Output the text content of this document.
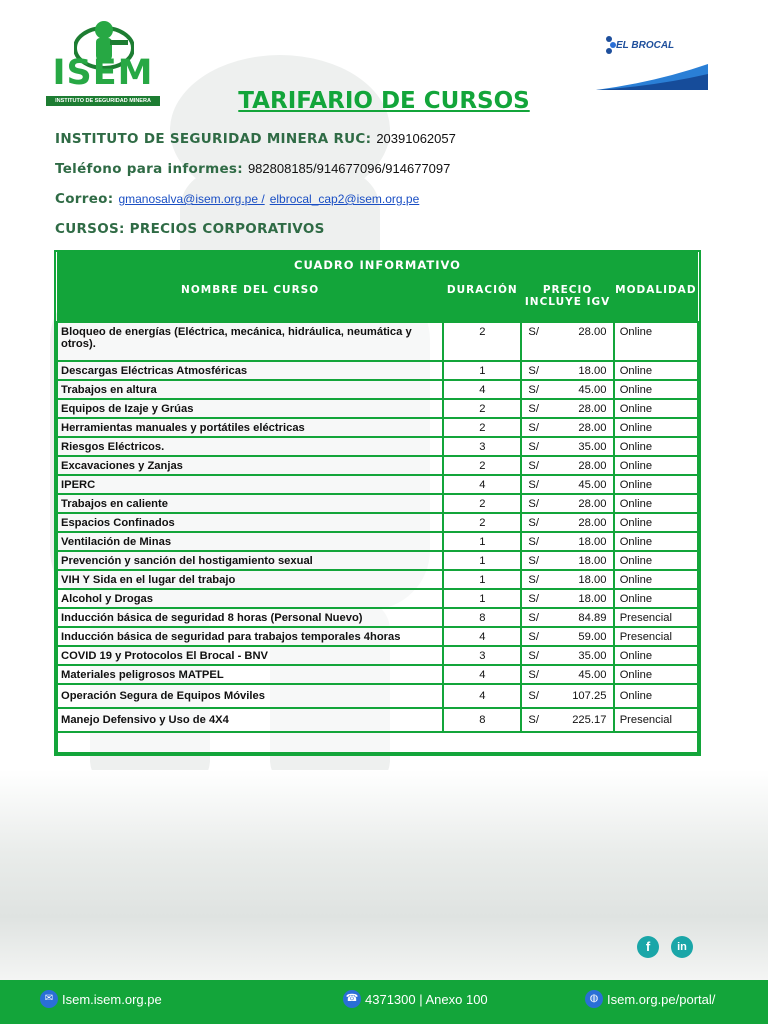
ISEM
INSTITUTO DE SEGURIDAD MINERA
EL BROCAL
TARIFARIO DE CURSOS
INSTITUTO DE SEGURIDAD MINERA RUC: 20391062057
Teléfono para informes: 982808185/914677096/914677097
Correo: gmanosalva@isem.org.pe / elbrocal_cap2@isem.org.pe
CURSOS: PRECIOS CORPORATIVOS
CUADRO INFORMATIVO			
NOMBRE DEL CURSO	DURACIÓN	PRECIO INCLUYE IGV	MODALIDAD
Bloqueo de energías (Eléctrica, mecánica, hidráulica, neumática y otros).	2	S/ 28.00	Online
Descargas Eléctricas Atmosféricas	1	S/ 18.00	Online
Trabajos en altura	4	S/ 45.00	Online
Equipos de Izaje y Grúas	2	S/ 28.00	Online
Herramientas manuales y portátiles eléctricas	2	S/ 28.00	Online
Riesgos Eléctricos.	3	S/ 35.00	Online
Excavaciones y Zanjas	2	S/ 28.00	Online
IPERC	4	S/ 45.00	Online
Trabajos en caliente	2	S/ 28.00	Online
Espacios Confinados	2	S/ 28.00	Online
Ventilación de Minas	1	S/ 18.00	Online
Prevención y sanción del hostigamiento sexual	1	S/ 18.00	Online
VIH Y Sida en el lugar del trabajo	1	S/ 18.00	Online
Alcohol y Drogas	1	S/ 18.00	Online
Inducción básica de seguridad 8 horas (Personal Nuevo)	8	S/ 84.89	Presencial
Inducción básica de seguridad para trabajos temporales 4horas	4	S/ 59.00	Presencial
COVID 19 y Protocolos El Brocal - BNV	3	S/ 35.00	Online
Materiales peligrosos MATPEL	4	S/ 45.00	Online
Operación Segura de Equipos Móviles	4	S/ 107.25	Online
Manejo Defensivo y Uso de 4X4	8	S/ 225.17	Presencial

f	in
✉ Isem.isem.org.pe	☎ 4371300 | Anexo 100	◍ Isem.org.pe/portal/
